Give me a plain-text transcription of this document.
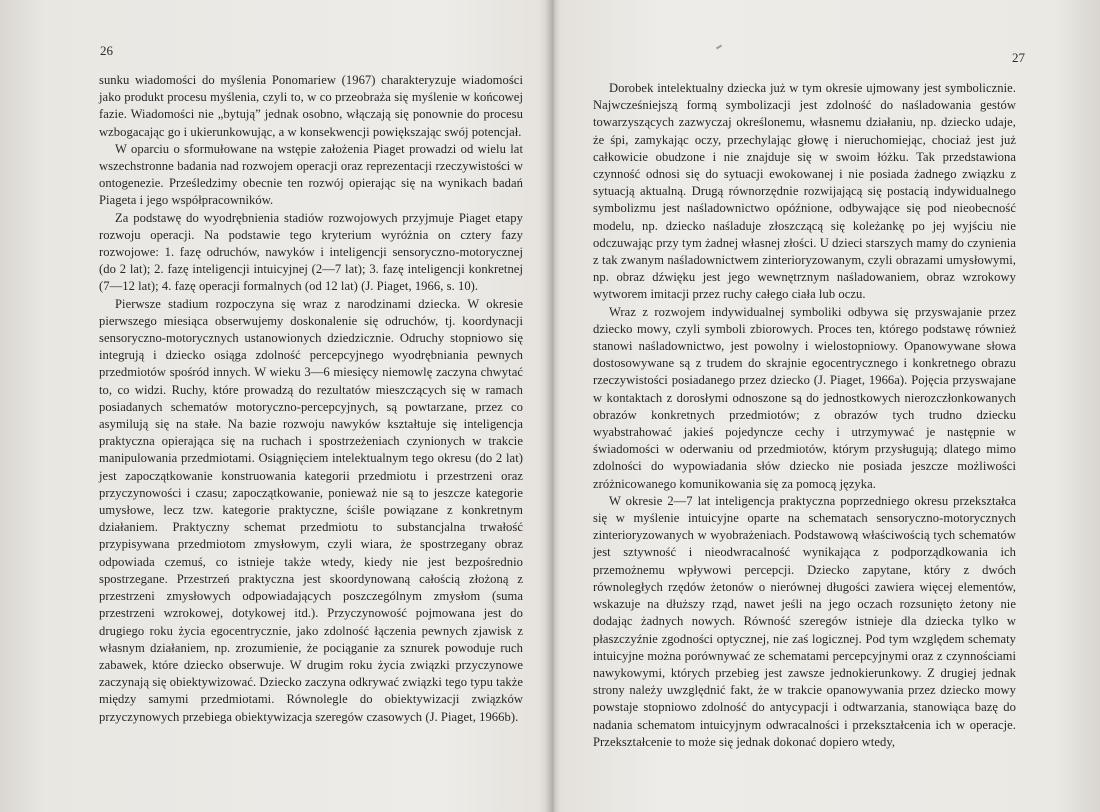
26

sunku wiadomości do myślenia Ponomariew (1967) charakteryzuje wiadomości jako produkt procesu myślenia, czyli to, w co przeobraża się myślenie w końcowej fazie. Wiadomości nie „bytują” jednak osobno, włączają się ponownie do procesu wzbogacając go i ukierunkowując, a w konsekwencji powiększając swój potencjał.

W oparciu o sformułowane na wstępie założenia Piaget prowadzi od wielu lat wszechstronne badania nad rozwojem operacji oraz reprezentacji rzeczywistości w ontogenezie. Prześledzimy obecnie ten rozwój opierając się na wynikach badań Piageta i jego współpracowników.

Za podstawę do wyodrębnienia stadiów rozwojowych przyjmuje Piaget etapy rozwoju operacji. Na podstawie tego kryterium wyróżnia on cztery fazy rozwojowe: 1. fazę odruchów, nawyków i inteligencji sensoryczno-motorycznej (do 2 lat); 2. fazę inteligencji intuicyjnej (2—7 lat); 3. fazę inteligencji konkretnej (7—12 lat); 4. fazę operacji formalnych (od 12 lat) (J. Piaget, 1966, s. 10).

Pierwsze stadium rozpoczyna się wraz z narodzinami dziecka. W okresie pierwszego miesiąca obserwujemy doskonalenie się odruchów, tj. koordynacji sensoryczno-motorycznych ustanowionych dziedzicznie. Odruchy stopniowo się integrują i dziecko osiąga zdolność percepcyjnego wyodrębniania pewnych przedmiotów spośród innych. W wieku 3—6 miesięcy niemowlę zaczyna chwytać to, co widzi. Ruchy, które prowadzą do rezultatów mieszczących się w ramach posiadanych schematów motoryczno-percepcyjnych, są powtarzane, przez co asymilują się na stałe. Na bazie rozwoju nawyków kształtuje się inteligencja praktyczna opierająca się na ruchach i spostrzeżeniach czynionych w trakcie manipulowania przedmiotami. Osiągnięciem intelektualnym tego okresu (do 2 lat) jest zapoczątkowanie konstruowania kategorii przedmiotu i przestrzeni oraz przyczynowości i czasu; zapoczątkowanie, ponieważ nie są to jeszcze kategorie umysłowe, lecz tzw. kategorie praktyczne, ściśle powiązane z konkretnym działaniem. Praktyczny schemat przedmiotu to substancjalna trwałość przypisywana przedmiotom zmysłowym, czyli wiara, że spostrzegany obraz odpowiada czemuś, co istnieje także wtedy, kiedy nie jest bezpośrednio spostrzegane. Przestrzeń praktyczna jest skoordynowaną całością złożoną z przestrzeni zmysłowych odpowiadających poszczególnym zmysłom (suma przestrzeni wzrokowej, dotykowej itd.). Przyczynowość pojmowana jest do drugiego roku życia egocentrycznie, jako zdolność łączenia pewnych zjawisk z własnym działaniem, np. zrozumienie, że pociąganie za sznurek powoduje ruch zabawek, które dziecko obserwuje. W drugim roku życia związki przyczynowe zaczynają się obiektywizować. Dziecko zaczyna odkrywać związki tego typu także między samymi przedmiotami. Równolegle do obiektywizacji związków przyczynowych przebiega obiektywizacja szeregów czasowych (J. Piaget, 1966b).

27

Dorobek intelektualny dziecka już w tym okresie ujmowany jest symbolicznie. Najwcześniejszą formą symbolizacji jest zdolność do naśladowania gestów towarzyszących zazwyczaj określonemu, własnemu działaniu, np. dziecko udaje, że śpi, zamykając oczy, przechylając głowę i nieruchomiejąc, chociaż jest już całkowicie obudzone i nie znajduje się w swoim łóżku. Tak przedstawiona czynność odnosi się do sytuacji ewokowanej i nie posiada żadnego związku z sytuacją aktualną. Drugą równorzędnie rozwijającą się postacią indywidualnego symbolizmu jest naśladownictwo opóźnione, odbywające się pod nieobecność modelu, np. dziecko naśladuje złoszczącą się koleżankę po jej wyjściu nie odczuwając przy tym żadnej własnej złości. U dzieci starszych mamy do czynienia z tak zwanym naśladownictwem zinterioryzowanym, czyli obrazami umysłowymi, np. obraz dźwięku jest jego wewnętrznym naśladowaniem, obraz wzrokowy wytworem imitacji przez ruchy całego ciała lub oczu.

Wraz z rozwojem indywidualnej symboliki odbywa się przyswajanie przez dziecko mowy, czyli symboli zbiorowych. Proces ten, którego podstawę również stanowi naśladownictwo, jest powolny i wielostopniowy. Opanowywane słowa dostosowywane są z trudem do skrajnie egocentrycznego i konkretnego obrazu rzeczywistości posiadanego przez dziecko (J. Piaget, 1966a). Pojęcia przyswajane w kontaktach z dorosłymi odnoszone są do jednostkowych nierozczłonkowanych obrazów konkretnych przedmiotów; z obrazów tych trudno dziecku wyabstrahować jakieś pojedyncze cechy i utrzymywać je następnie w świadomości w oderwaniu od przedmiotów, którym przysługują; dlatego mimo zdolności do wypowiadania słów dziecko nie posiada jeszcze możliwości zróżnicowanego komunikowania się za pomocą języka.

W okresie 2—7 lat inteligencja praktyczna poprzedniego okresu przekształca się w myślenie intuicyjne oparte na schematach sensoryczno-motorycznych zinterioryzowanych w wyobrażeniach. Podstawową właściwością tych schematów jest sztywność i nieodwracalność wynikająca z podporządkowania ich przemożnemu wpływowi percepcji. Dziecko zapytane, który z dwóch równoległych rzędów żetonów o nierównej długości zawiera więcej elementów, wskazuje na dłuższy rząd, nawet jeśli na jego oczach rozsunięto żetony nie dodając żadnych nowych. Równość szeregów istnieje dla dziecka tylko w płaszczyźnie zgodności optycznej, nie zaś logicznej. Pod tym względem schematy intuicyjne można porównywać ze schematami percepcyjnymi oraz z czynnościami nawykowymi, których przebieg jest zawsze jednokierunkowy. Z drugiej jednak strony należy uwzględnić fakt, że w trakcie opanowywania przez dziecko mowy powstaje stopniowo zdolność do antycypacji i odtwarzania, stanowiąca bazę do nadania schematom intuicyjnym odwracalności i przekształcenia ich w operacje. Przekształcenie to może się jednak dokonać dopiero wtedy,
